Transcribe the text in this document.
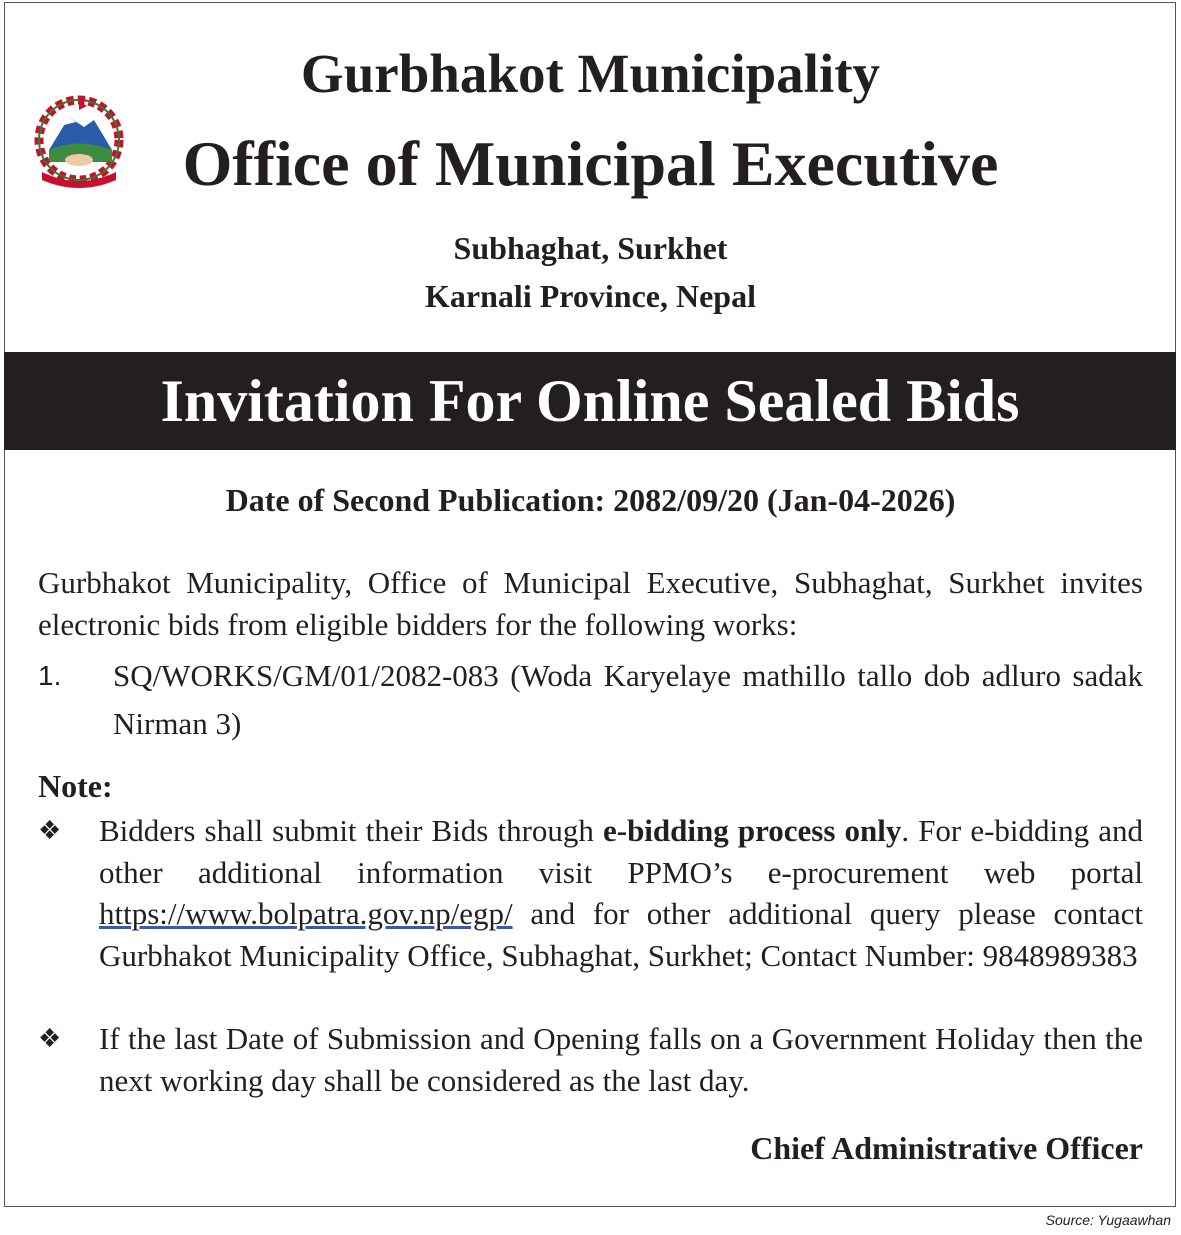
Gurbhakot Municipality
Office of Municipal Executive
Subhaghat, Surkhet
Karnali Province, Nepal
Invitation For Online Sealed Bids
Date of Second Publication: 2082/09/20 (Jan-04-2026)
Gurbhakot Municipality, Office of Municipal Executive, Subhaghat, Surkhet invites electronic bids from eligible bidders for the following works:
1. SQ/WORKS/GM/01/2082-083 (Woda Karyelaye mathillo tallo dob adluro sadak Nirman 3)
Note:
❖ Bidders shall submit their Bids through e-bidding process only. For e-bidding and other additional information visit PPMO’s e-procurement web portal https://www.bolpatra.gov.np/egp/ and for other additional query please contact Gurbhakot Municipality Office, Subhaghat, Surkhet; Contact Number: 9848989383
❖ If the last Date of Submission and Opening falls on a Government Holiday then the next working day shall be considered as the last day.
Chief Administrative Officer
Source: Yugaawhan
